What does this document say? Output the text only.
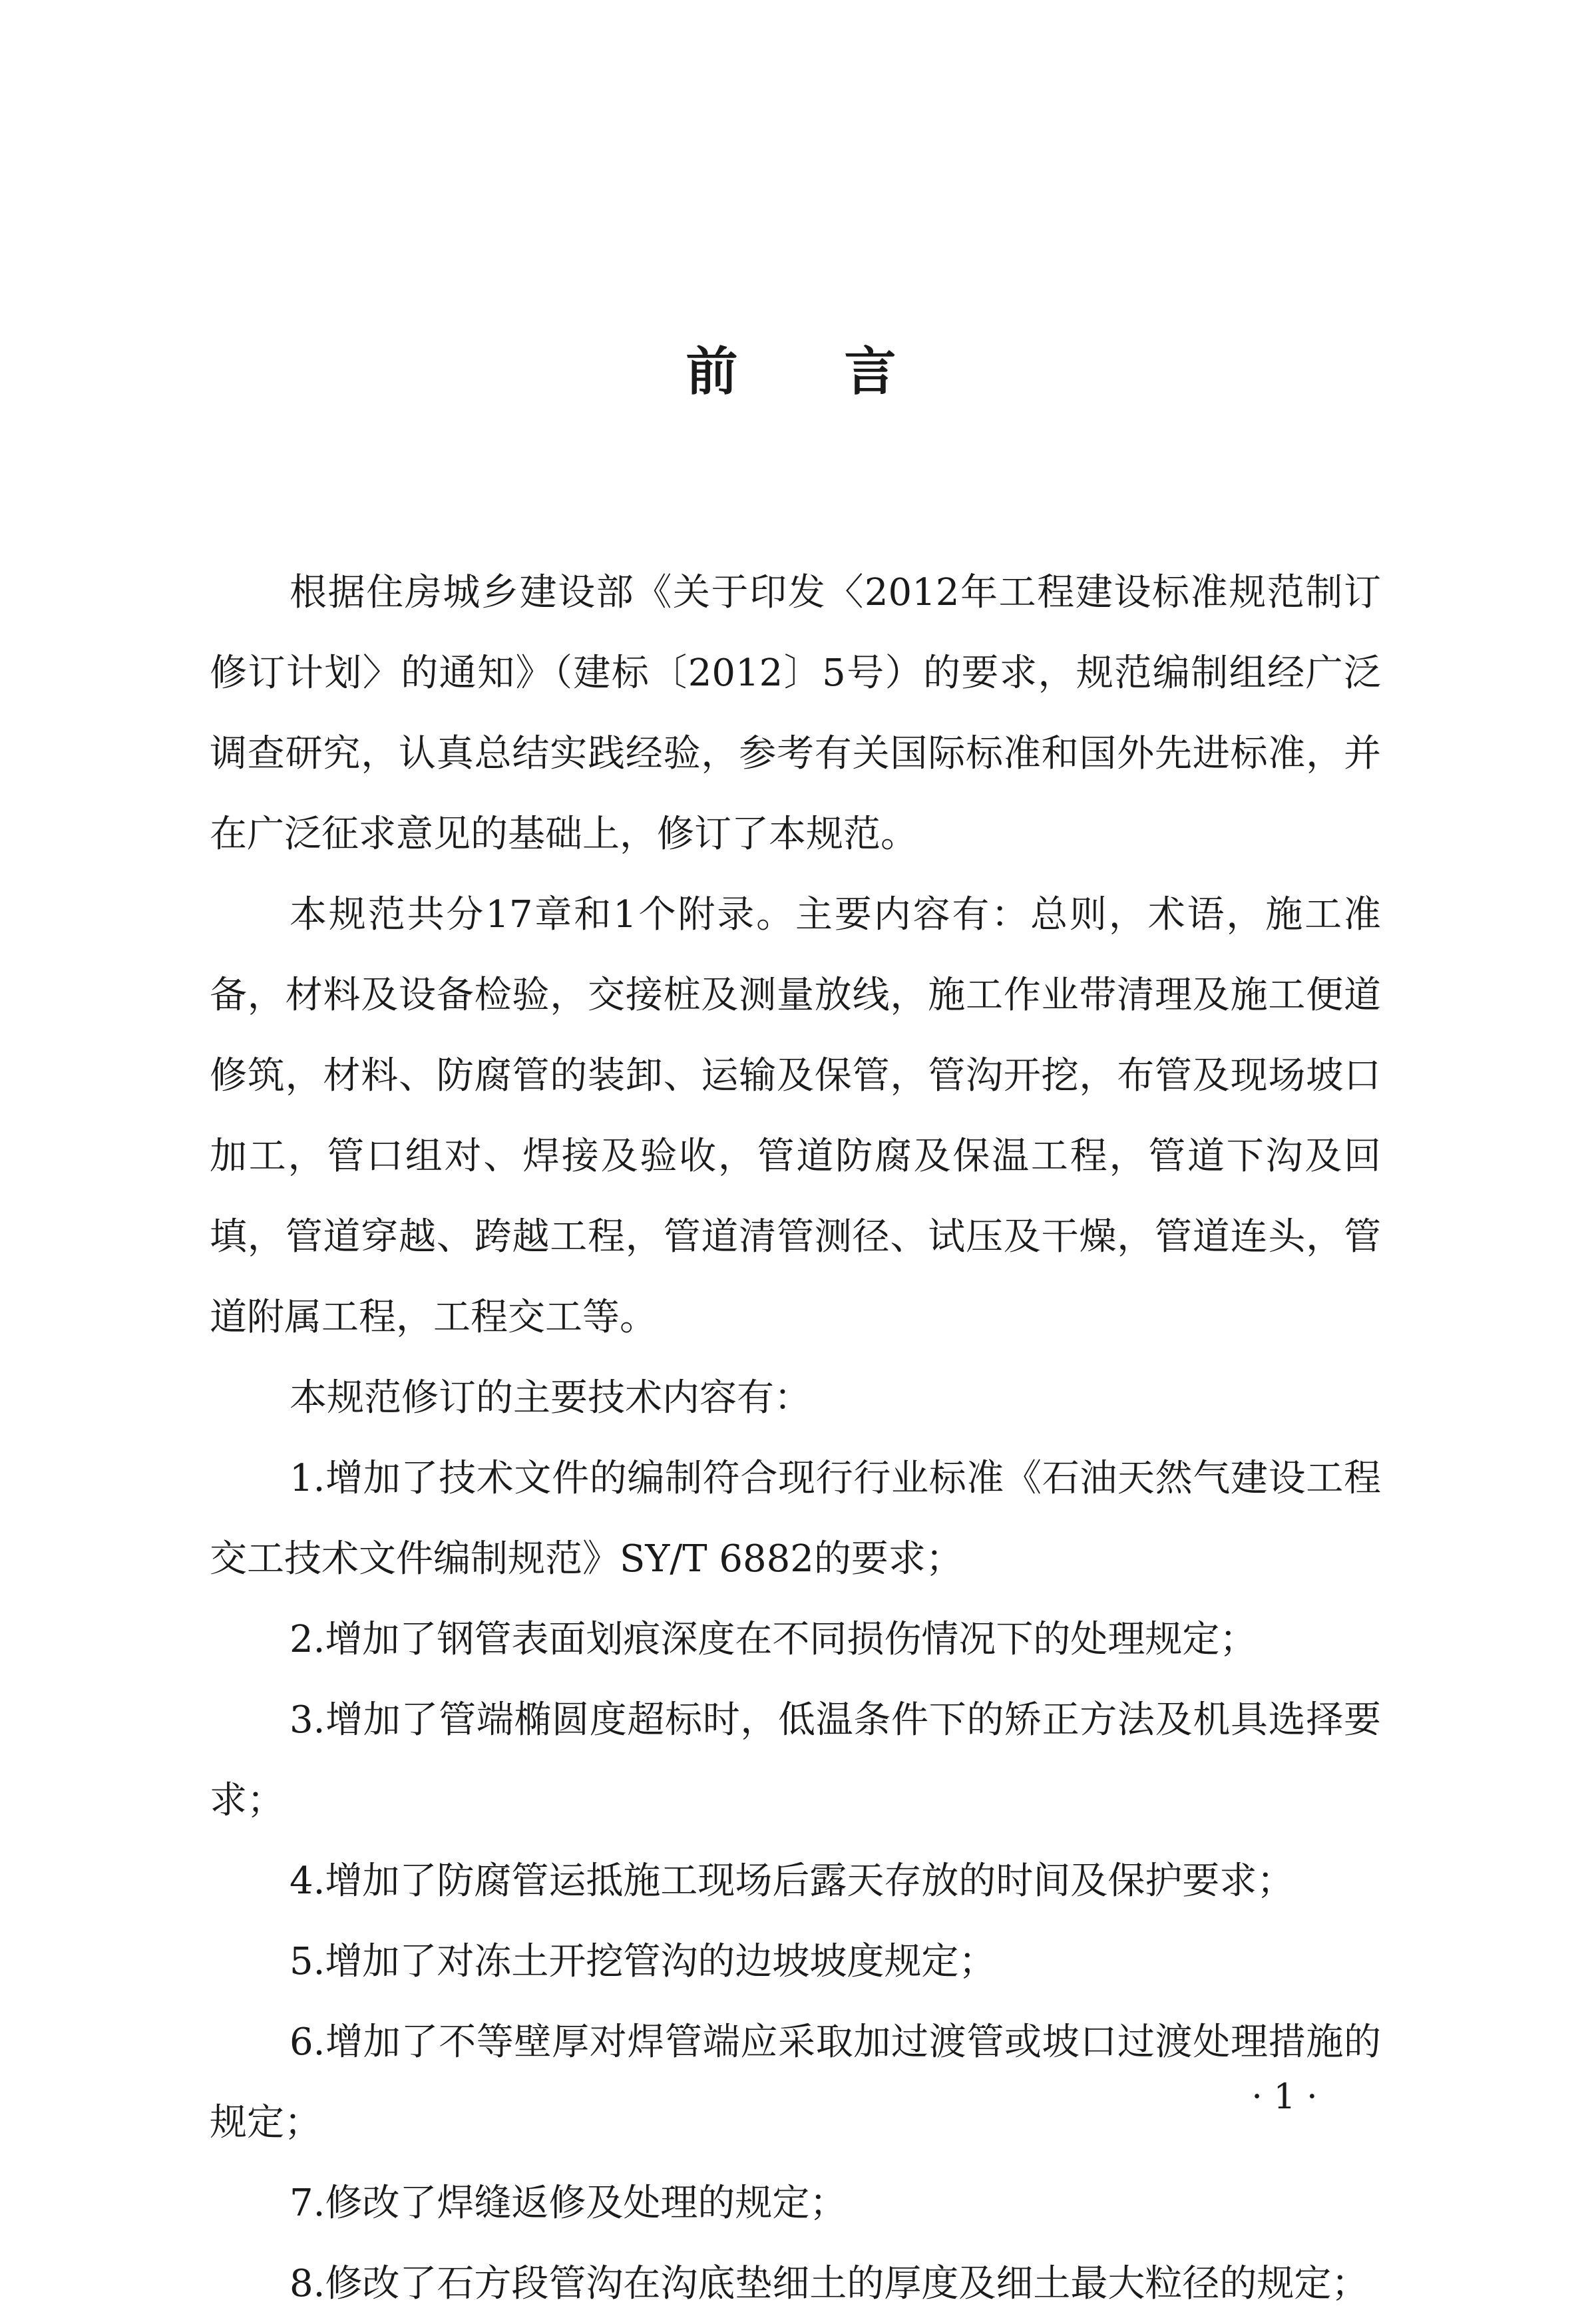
前言

根据住房城乡建设部《关于印发〈2012年工程建设标准规范制订修订计划〉的通知》（建标〔2012〕5号）的要求，规范编制组经广泛调查研究，认真总结实践经验，参考有关国际标准和国外先进标准，并在广泛征求意见的基础上，修订了本规范。

本规范共分17章和1个附录。主要内容有：总则，术语，施工准备，材料及设备检验，交接桩及测量放线，施工作业带清理及施工便道修筑，材料、防腐管的装卸、运输及保管，管沟开挖，布管及现场坡口加工，管口组对、焊接及验收，管道防腐及保温工程，管道下沟及回填，管道穿越、跨越工程，管道清管测径、试压及干燥，管道连头，管道附属工程，工程交工等。

本规范修订的主要技术内容有：

1.增加了技术文件的编制符合现行行业标准《石油天然气建设工程交工技术文件编制规范》SY/T 6882的要求；

2.增加了钢管表面划痕深度在不同损伤情况下的处理规定；

3.增加了管端椭圆度超标时，低温条件下的矫正方法及机具选择要求；

4.增加了防腐管运抵施工现场后露天存放的时间及保护要求；

5.增加了对冻土开挖管沟的边坡坡度规定；

6.增加了不等壁厚对焊管端应采取加过渡管或坡口过渡处理措施的规定；

7.修改了焊缝返修及处理的规定；

8.修改了石方段管沟在沟底垫细土的厚度及细土最大粒径的规定；

· 1 ·
